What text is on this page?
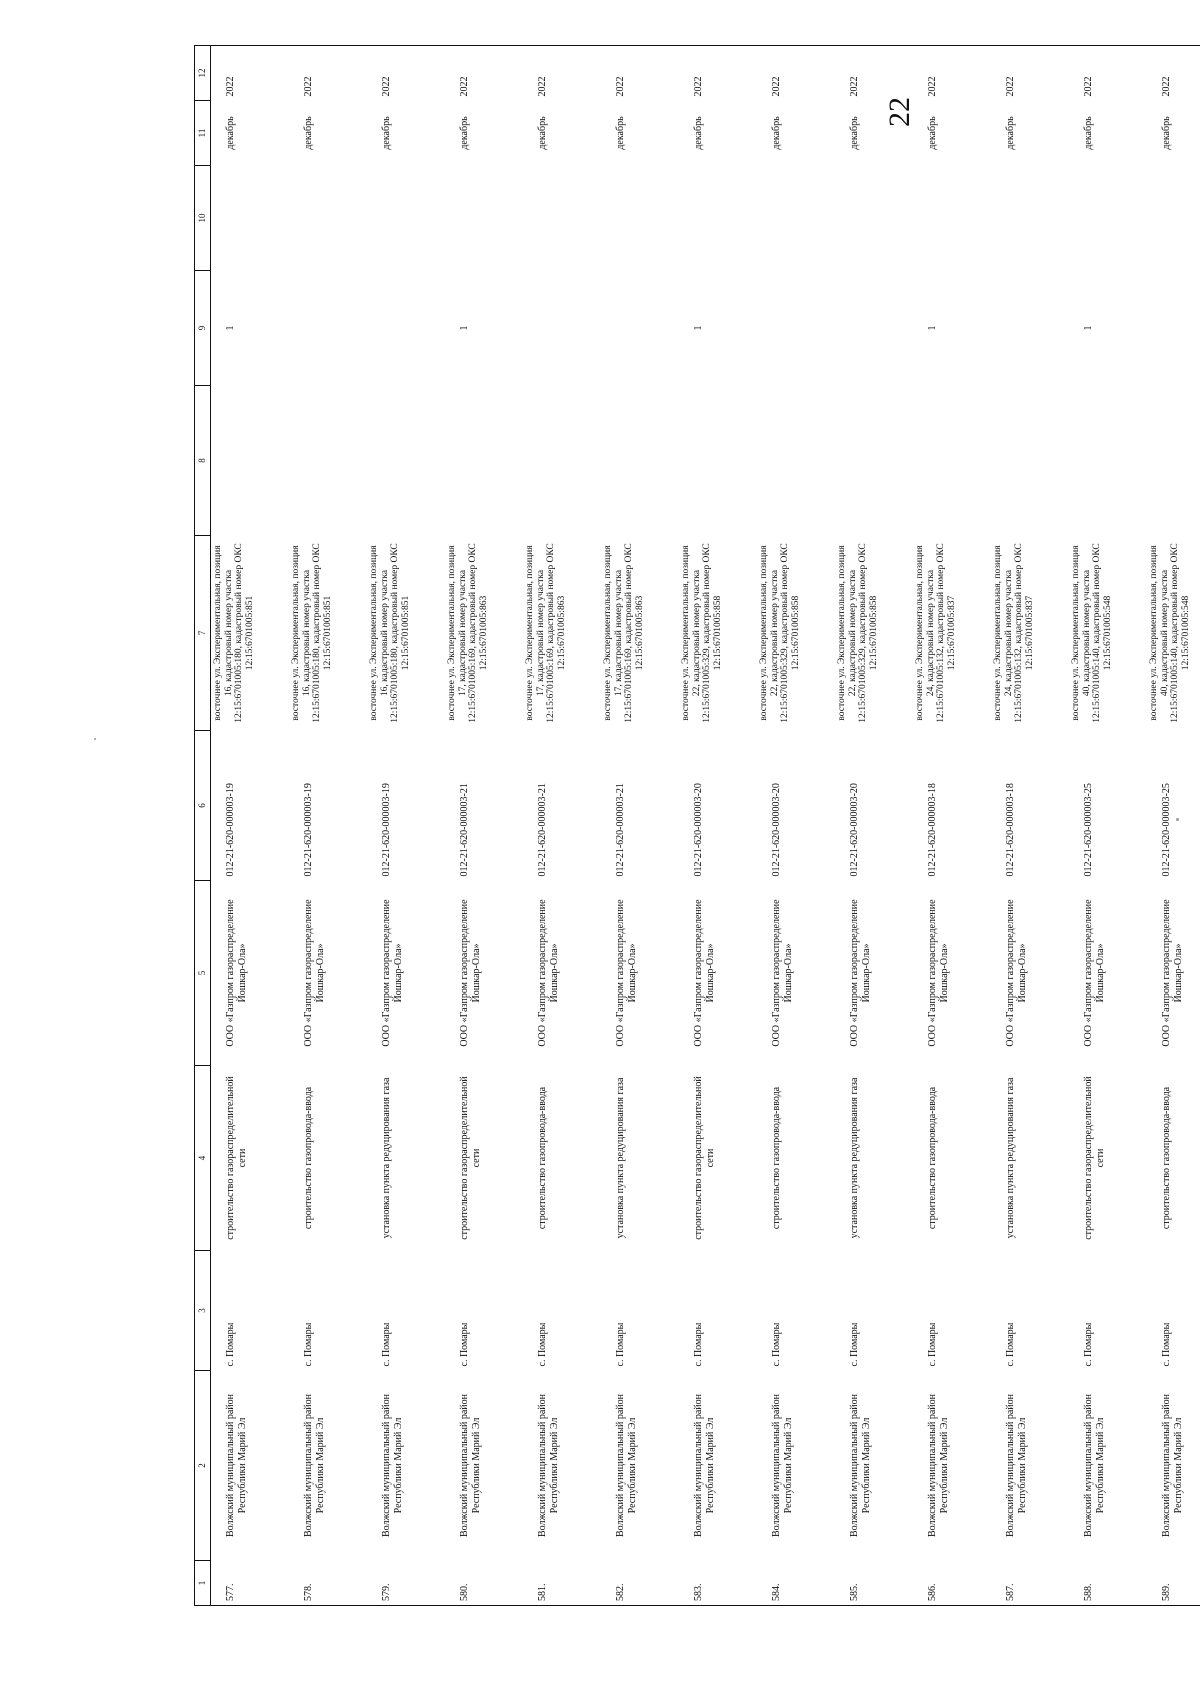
22
1	2	3	4	5	6	7	8	9	10	11	12
577.	Волжский муниципальный район Республики Марий Эл	с. Помары	строительство газораспределительной сети	ООО «Газпром газораспределение Йошкар-Ола»	012-21-620-000003-19	восточнее ул. Экспериментальная, позиция 16, кадастровый номер участка 12:15:6701005:180, кадастровый номер ОКС 12:15:6701005:851		1		декабрь	2022
578.	Волжский муниципальный район Республики Марий Эл	с. Помары	строительство газопровода-ввода	ООО «Газпром газораспределение Йошкар-Ола»	012-21-620-000003-19	восточнее ул. Экспериментальная, позиция 16, кадастровый номер участка 12:15:6701005:180, кадастровый номер ОКС 12:15:6701005:851				декабрь	2022
579.	Волжский муниципальный район Республики Марий Эл	с. Помары	установка пункта редуцирования газа	ООО «Газпром газораспределение Йошкар-Ола»	012-21-620-000003-19	восточнее ул. Экспериментальная, позиция 16, кадастровый номер участка 12:15:6701005:180, кадастровый номер ОКС 12:15:6701005:851				декабрь	2022
580.	Волжский муниципальный район Республики Марий Эл	с. Помары	строительство газораспределительной сети	ООО «Газпром газораспределение Йошкар-Ола»	012-21-620-000003-21	восточнее ул. Экспериментальная, позиция 17, кадастровый номер участка 12:15:6701005:169, кадастровый номер ОКС 12:15:6701005:863		1		декабрь	2022
581.	Волжский муниципальный район Республики Марий Эл	с. Помары	строительство газопровода-ввода	ООО «Газпром газораспределение Йошкар-Ола»	012-21-620-000003-21	восточнее ул. Экспериментальная, позиция 17, кадастровый номер участка 12:15:6701005:169, кадастровый номер ОКС 12:15:6701005:863				декабрь	2022
582.	Волжский муниципальный район Республики Марий Эл	с. Помары	установка пункта редуцирования газа	ООО «Газпром газораспределение Йошкар-Ола»	012-21-620-000003-21	восточнее ул. Экспериментальная, позиция 17, кадастровый номер участка 12:15:6701005:169, кадастровый номер ОКС 12:15:6701005:863				декабрь	2022
583.	Волжский муниципальный район Республики Марий Эл	с. Помары	строительство газораспределительной сети	ООО «Газпром газораспределение Йошкар-Ола»	012-21-620-000003-20	восточнее ул. Экспериментальная, позиция 22, кадастровый номер участка 12:15:6701005:329, кадастровый номер ОКС 12:15:6701005:858		1		декабрь	2022
584.	Волжский муниципальный район Республики Марий Эл	с. Помары	строительство газопровода-ввода	ООО «Газпром газораспределение Йошкар-Ола»	012-21-620-000003-20	восточнее ул. Экспериментальная, позиция 22, кадастровый номер участка 12:15:6701005:329, кадастровый номер ОКС 12:15:6701005:858				декабрь	2022
585.	Волжский муниципальный район Республики Марий Эл	с. Помары	установка пункта редуцирования газа	ООО «Газпром газораспределение Йошкар-Ола»	012-21-620-000003-20	восточнее ул. Экспериментальная, позиция 22, кадастровый номер участка 12:15:6701005:329, кадастровый номер ОКС 12:15:6701005:858				декабрь	2022
586.	Волжский муниципальный район Республики Марий Эл	с. Помары	строительство газопровода-ввода	ООО «Газпром газораспределение Йошкар-Ола»	012-21-620-000003-18	восточнее ул. Экспериментальная, позиция 24, кадастровый номер участка 12:15:6701005:132, кадастровый номер ОКС 12:15:6701005:837		1		декабрь	2022
587.	Волжский муниципальный район Республики Марий Эл	с. Помары	установка пункта редуцирования газа	ООО «Газпром газораспределение Йошкар-Ола»	012-21-620-000003-18	восточнее ул. Экспериментальная, позиция 24, кадастровый номер участка 12:15:6701005:132, кадастровый номер ОКС 12:15:6701005:837				декабрь	2022
588.	Волжский муниципальный район Республики Марий Эл	с. Помары	строительство газораспределительной сети	ООО «Газпром газораспределение Йошкар-Ола»	012-21-620-000003-25	восточнее ул. Экспериментальная, позиция 40, кадастровый номер участка 12:15:6701005:140, кадастровый номер ОКС 12:15:6701005:548		1		декабрь	2022
589.	Волжский муниципальный район Республики Марий Эл	с. Помары	строительство газопровода-ввода	ООО «Газпром газораспределение Йошкар-Ола»	012-21-620-000003-25	восточнее ул. Экспериментальная, позиция 40, кадастровый номер участка 12:15:6701005:140, кадастровый номер ОКС 12:15:6701005:548				декабрь	2022
